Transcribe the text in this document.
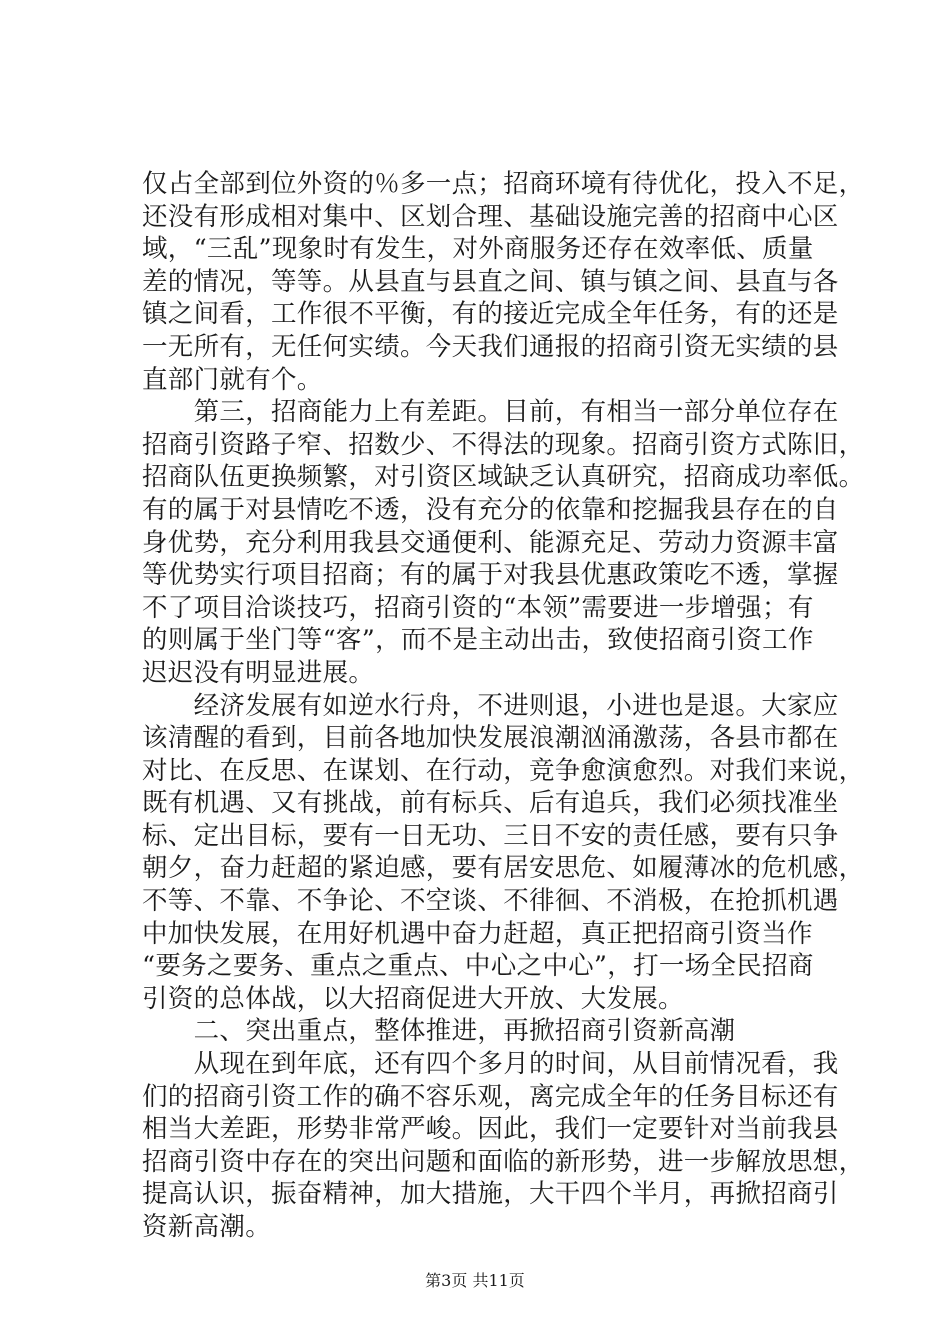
仅占全部到位外资的％多一点；招商环境有待优化，投入不足，
还没有形成相对集中、区划合理、基础设施完善的招商中心区
域，“三乱”现象时有发生，对外商服务还存在效率低、质量
差的情况，等等。从县直与县直之间、镇与镇之间、县直与各
镇之间看，工作很不平衡，有的接近完成全年任务，有的还是
一无所有，无任何实绩。今天我们通报的招商引资无实绩的县
直部门就有个。
　　第三，招商能力上有差距。目前，有相当一部分单位存在
招商引资路子窄、招数少、不得法的现象。招商引资方式陈旧，
招商队伍更换频繁，对引资区域缺乏认真研究，招商成功率低。
有的属于对县情吃不透，没有充分的依靠和挖掘我县存在的自
身优势，充分利用我县交通便利、能源充足、劳动力资源丰富
等优势实行项目招商；有的属于对我县优惠政策吃不透，掌握
不了项目洽谈技巧，招商引资的“本领”需要进一步增强；有
的则属于坐门等“客”，而不是主动出击，致使招商引资工作
迟迟没有明显进展。
　　经济发展有如逆水行舟，不进则退，小进也是退。大家应
该清醒的看到，目前各地加快发展浪潮汹涌激荡，各县市都在
对比、在反思、在谋划、在行动，竞争愈演愈烈。对我们来说，
既有机遇、又有挑战，前有标兵、后有追兵，我们必须找准坐
标、定出目标，要有一日无功、三日不安的责任感，要有只争
朝夕，奋力赶超的紧迫感，要有居安思危、如履薄冰的危机感，
不等、不靠、不争论、不空谈、不徘徊、不消极，在抢抓机遇
中加快发展，在用好机遇中奋力赶超，真正把招商引资当作
“要务之要务、重点之重点、中心之中心”，打一场全民招商
引资的总体战，以大招商促进大开放、大发展。
　　二、突出重点，整体推进，再掀招商引资新高潮
　　从现在到年底，还有四个多月的时间，从目前情况看，我
们的招商引资工作的确不容乐观，离完成全年的任务目标还有
相当大差距，形势非常严峻。因此，我们一定要针对当前我县
招商引资中存在的突出问题和面临的新形势，进一步解放思想，
提高认识，振奋精神，加大措施，大干四个半月，再掀招商引
资新高潮。
第3页 共11页
